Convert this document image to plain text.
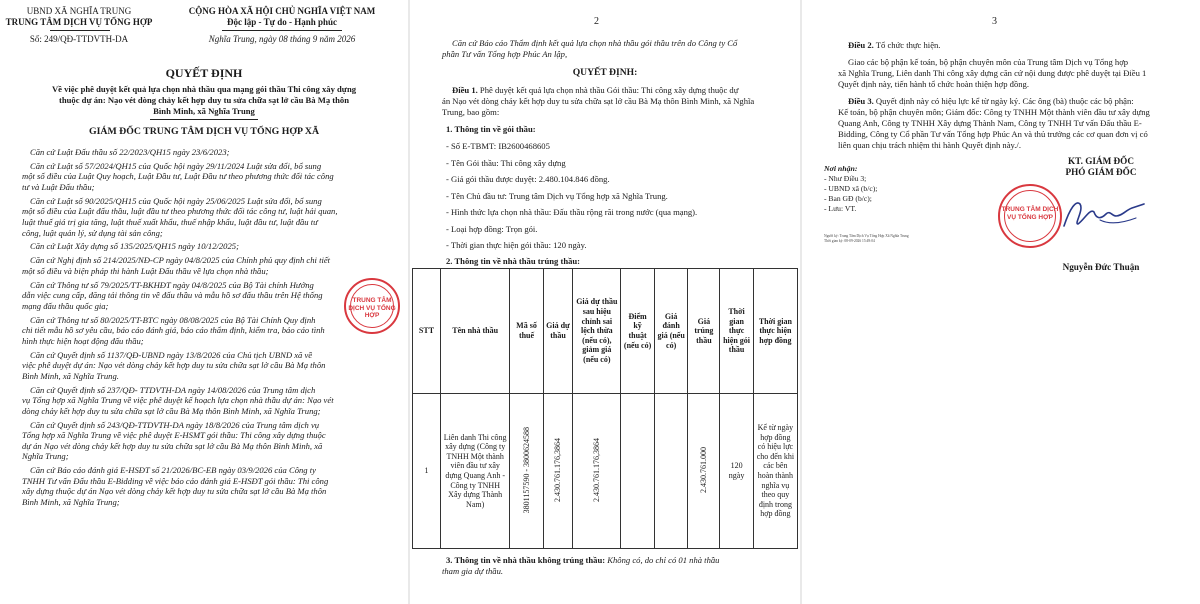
UBND XÃ NGHĨA TRUNG
TRUNG TÂM DỊCH VỤ TỔNG HỢP
Số: 249/QĐ-TTDVTH-DA
CỘNG HÒA XÃ HỘI CHỦ NGHĨA VIỆT NAM
Độc lập - Tự do - Hạnh phúc
Nghĩa Trung, ngày 08 tháng 9 năm 2026
QUYẾT ĐỊNH
Về việc phê duyệt kết quả lựa chọn nhà thầu qua mạng gói thầu Thi công xây dựng
thuộc dự án: Nạo vét dòng chảy kết hợp duy tu sửa chữa sạt lở cầu Bà Mạ thôn
Bình Minh, xã Nghĩa Trung
GIÁM ĐỐC TRUNG TÂM DỊCH VỤ TỔNG HỢP XÃ
Căn cứ Luật Đấu thầu số 22/2023/QH15 ngày 23/6/2023;
Căn cứ Luật số 57/2024/QH15 của Quốc hội ngày 29/11/2024 Luật sửa đổi, bổ sung
một số điều của Luật Quy hoạch, Luật Đầu tư, Luật Đầu tư theo phương thức đối tác công
tư và Luật Đấu thầu;
Căn cứ Luật số 90/2025/QH15 của Quốc hội ngày 25/06/2025 Luật sửa đổi, bổ sung
một số điều của Luật đấu thầu, luật đầu tư theo phương thức đối tác công tư, luật hải quan,
luật thuế giá trị gia tăng, luật thuế xuất khẩu, thuế nhập khẩu, luật đầu tư, luật đầu tư
công, luật quản lý, sử dụng tài sản công;
Căn cứ Luật Xây dựng số 135/2025/QH15 ngày 10/12/2025;
Căn cứ Nghị định số 214/2025/NĐ-CP ngày 04/8/2025 của Chính phủ quy định chi tiết
một số điều và biện pháp thi hành Luật Đấu thầu về lựa chọn nhà thầu;
Căn cứ Thông tư số 79/2025/TT-BKHĐT ngày 04/8/2025 của Bộ Tài chính Hướng
dẫn việc cung cấp, đăng tải thông tin về đấu thầu và mẫu hồ sơ đấu thầu trên Hệ thống
mạng đấu thầu quốc gia;
Căn cứ Thông tư số 80/2025/TT-BTC ngày 08/08/2025 của Bộ Tài Chính Quy định
chi tiết mẫu hồ sơ yêu cầu, báo cáo đánh giá, báo cáo thẩm định, kiểm tra, báo cáo tình
hình thực hiện hoạt động đấu thầu;
Căn cứ Quyết định số 1137/QĐ-UBND ngày 13/8/2026 của Chủ tịch UBND xã về
việc phê duyệt dự án: Nạo vét dòng chảy kết hợp duy tu sửa chữa sạt lở cầu Bà Mạ thôn
Bình Minh, xã Nghĩa Trung.
Căn cứ Quyết định số 237/QĐ- TTDVTH-DA ngày 14/08/2026 của Trung tâm dịch
vụ Tổng hợp xã Nghĩa Trung về việc phê duyệt kế hoạch lựa chọn nhà thầu dự án: Nạo vét
dòng chảy kết hợp duy tu sửa chữa sạt lở cầu Bà Mạ thôn Bình Minh, xã Nghĩa Trung;
Căn cứ Quyết định số 243/QĐ-TTDVTH-DA ngày 18/8/2026 của Trung tâm dịch vụ
Tổng hợp xã Nghĩa Trung về việc phê duyệt E-HSMT gói thầu: Thi công xây dựng thuộc
dự án Nạo vét dòng chảy kết hợp duy tu sửa chữa sạt lở cầu Bà Mạ thôn Bình Minh, xã
Nghĩa Trung;
Căn cứ Báo cáo đánh giá E-HSĐT số 21/2026/BC-EB ngày 03/9/2026 của Công ty
TNHH Tư vấn Đấu thầu E-Bidding về việc báo cáo đánh giá E-HSĐT gói thầu: Thi công
xây dựng thuộc dự án Nạo vét dòng chảy kết hợp duy tu sửa chữa sạt lở cầu Bà Mạ thôn
Bình Minh, xã Nghĩa Trung;
TRUNG TÂM DỊCH VỤ TỔNG HỢP
2
Căn cứ Báo cáo Thẩm định kết quả lựa chọn nhà thầu gói thầu trên do Công ty Cổ
phần Tư vấn Tổng hợp Phúc An lập,
QUYẾT ĐỊNH:
Điều 1. Phê duyệt kết quả lựa chọn nhà thầu Gói thầu: Thi công xây dựng thuộc dự
án Nạo vét dòng chảy kết hợp duy tu sửa chữa sạt lở cầu Bà Mạ thôn Bình Minh, xã Nghĩa
Trung, bao gồm:
1. Thông tin về gói thầu:
- Số E-TBMT: IB2600468605
- Tên Gói thầu: Thi công xây dựng
- Giá gói thầu được duyệt: 2.480.104.846 đồng.
- Tên Chủ đầu tư: Trung tâm Dịch vụ Tổng hợp xã Nghĩa Trung.
- Hình thức lựa chọn nhà thầu: Đấu thầu rộng rãi trong nước (qua mạng).
- Loại hợp đồng: Trọn gói.
- Thời gian thực hiện gói thầu: 120 ngày.
2. Thông tin về nhà thầu trúng thầu:
STT	Tên nhà thầu	Mã số thuế	Giá dự thầu	Giá dự thầu sau hiệu chỉnh sai lệch thừa (nếu có), giảm giá (nếu có)	Điểm kỹ thuật (nếu có)	Giá đánh giá (nếu có)	Giá trúng thầu	Thời gian thực hiện gói thầu	Thời gian thực hiện hợp đồng
1	Liên danh Thi công xây dựng (Công ty TNHH Một thành viên đầu tư xây dựng Quang Anh - Công ty TNHH Xây dựng Thành Nam)	3801157590 - 3800624588	2.430.761.176,3864	2.430.761.176,3864			2.430.761.000	120 ngày	Kể từ ngày hợp đồng có hiệu lực cho đến khi các bên hoàn thành nghĩa vụ theo quy định trong hợp đồng
3. Thông tin về nhà thầu không trúng thầu: Không có, do chỉ có 01 nhà thầu
tham gia dự thầu.
3
Điều 2. Tổ chức thực hiện.
Giao các bộ phận kế toán, bộ phận chuyên môn của Trung tâm Dịch vụ Tổng hợp
xã Nghĩa Trung, Liên danh Thi công xây dựng căn cứ nội dung được phê duyệt tại Điều 1
Quyết định này, tiến hành tổ chức hoàn thiện hợp đồng.
Điều 3. Quyết định này có hiệu lực kể từ ngày ký. Các ông (bà) thuộc các bộ phận:
Kế toán, bộ phận chuyên môn; Giám đốc: Công ty TNHH Một thành viên đầu tư xây dựng
Quang Anh, Công ty TNHH Xây dựng Thành Nam, Công ty TNHH Tư vấn Đấu thầu E-
Bidding, Công ty Cổ phần Tư vấn Tổng hợp Phúc An và thủ trưởng các cơ quan đơn vị có
liên quan chịu trách nhiệm thi hành Quyết định này./.
Nơi nhận:
- Như Điều 3;
- UBND xã (b/c);
- Ban GĐ (b/c);
- Lưu: VT.
KT. GIÁM ĐỐC
PHÓ GIÁM ĐỐC
TRUNG TÂM DỊCH VỤ TỔNG HỢP
Người ký: Trung Tâm Dịch Vụ Tổng Hợp Xã Nghĩa Trung
Thời gian ký: 08-09-2026 15:49:04
Nguyễn Đức Thuận
